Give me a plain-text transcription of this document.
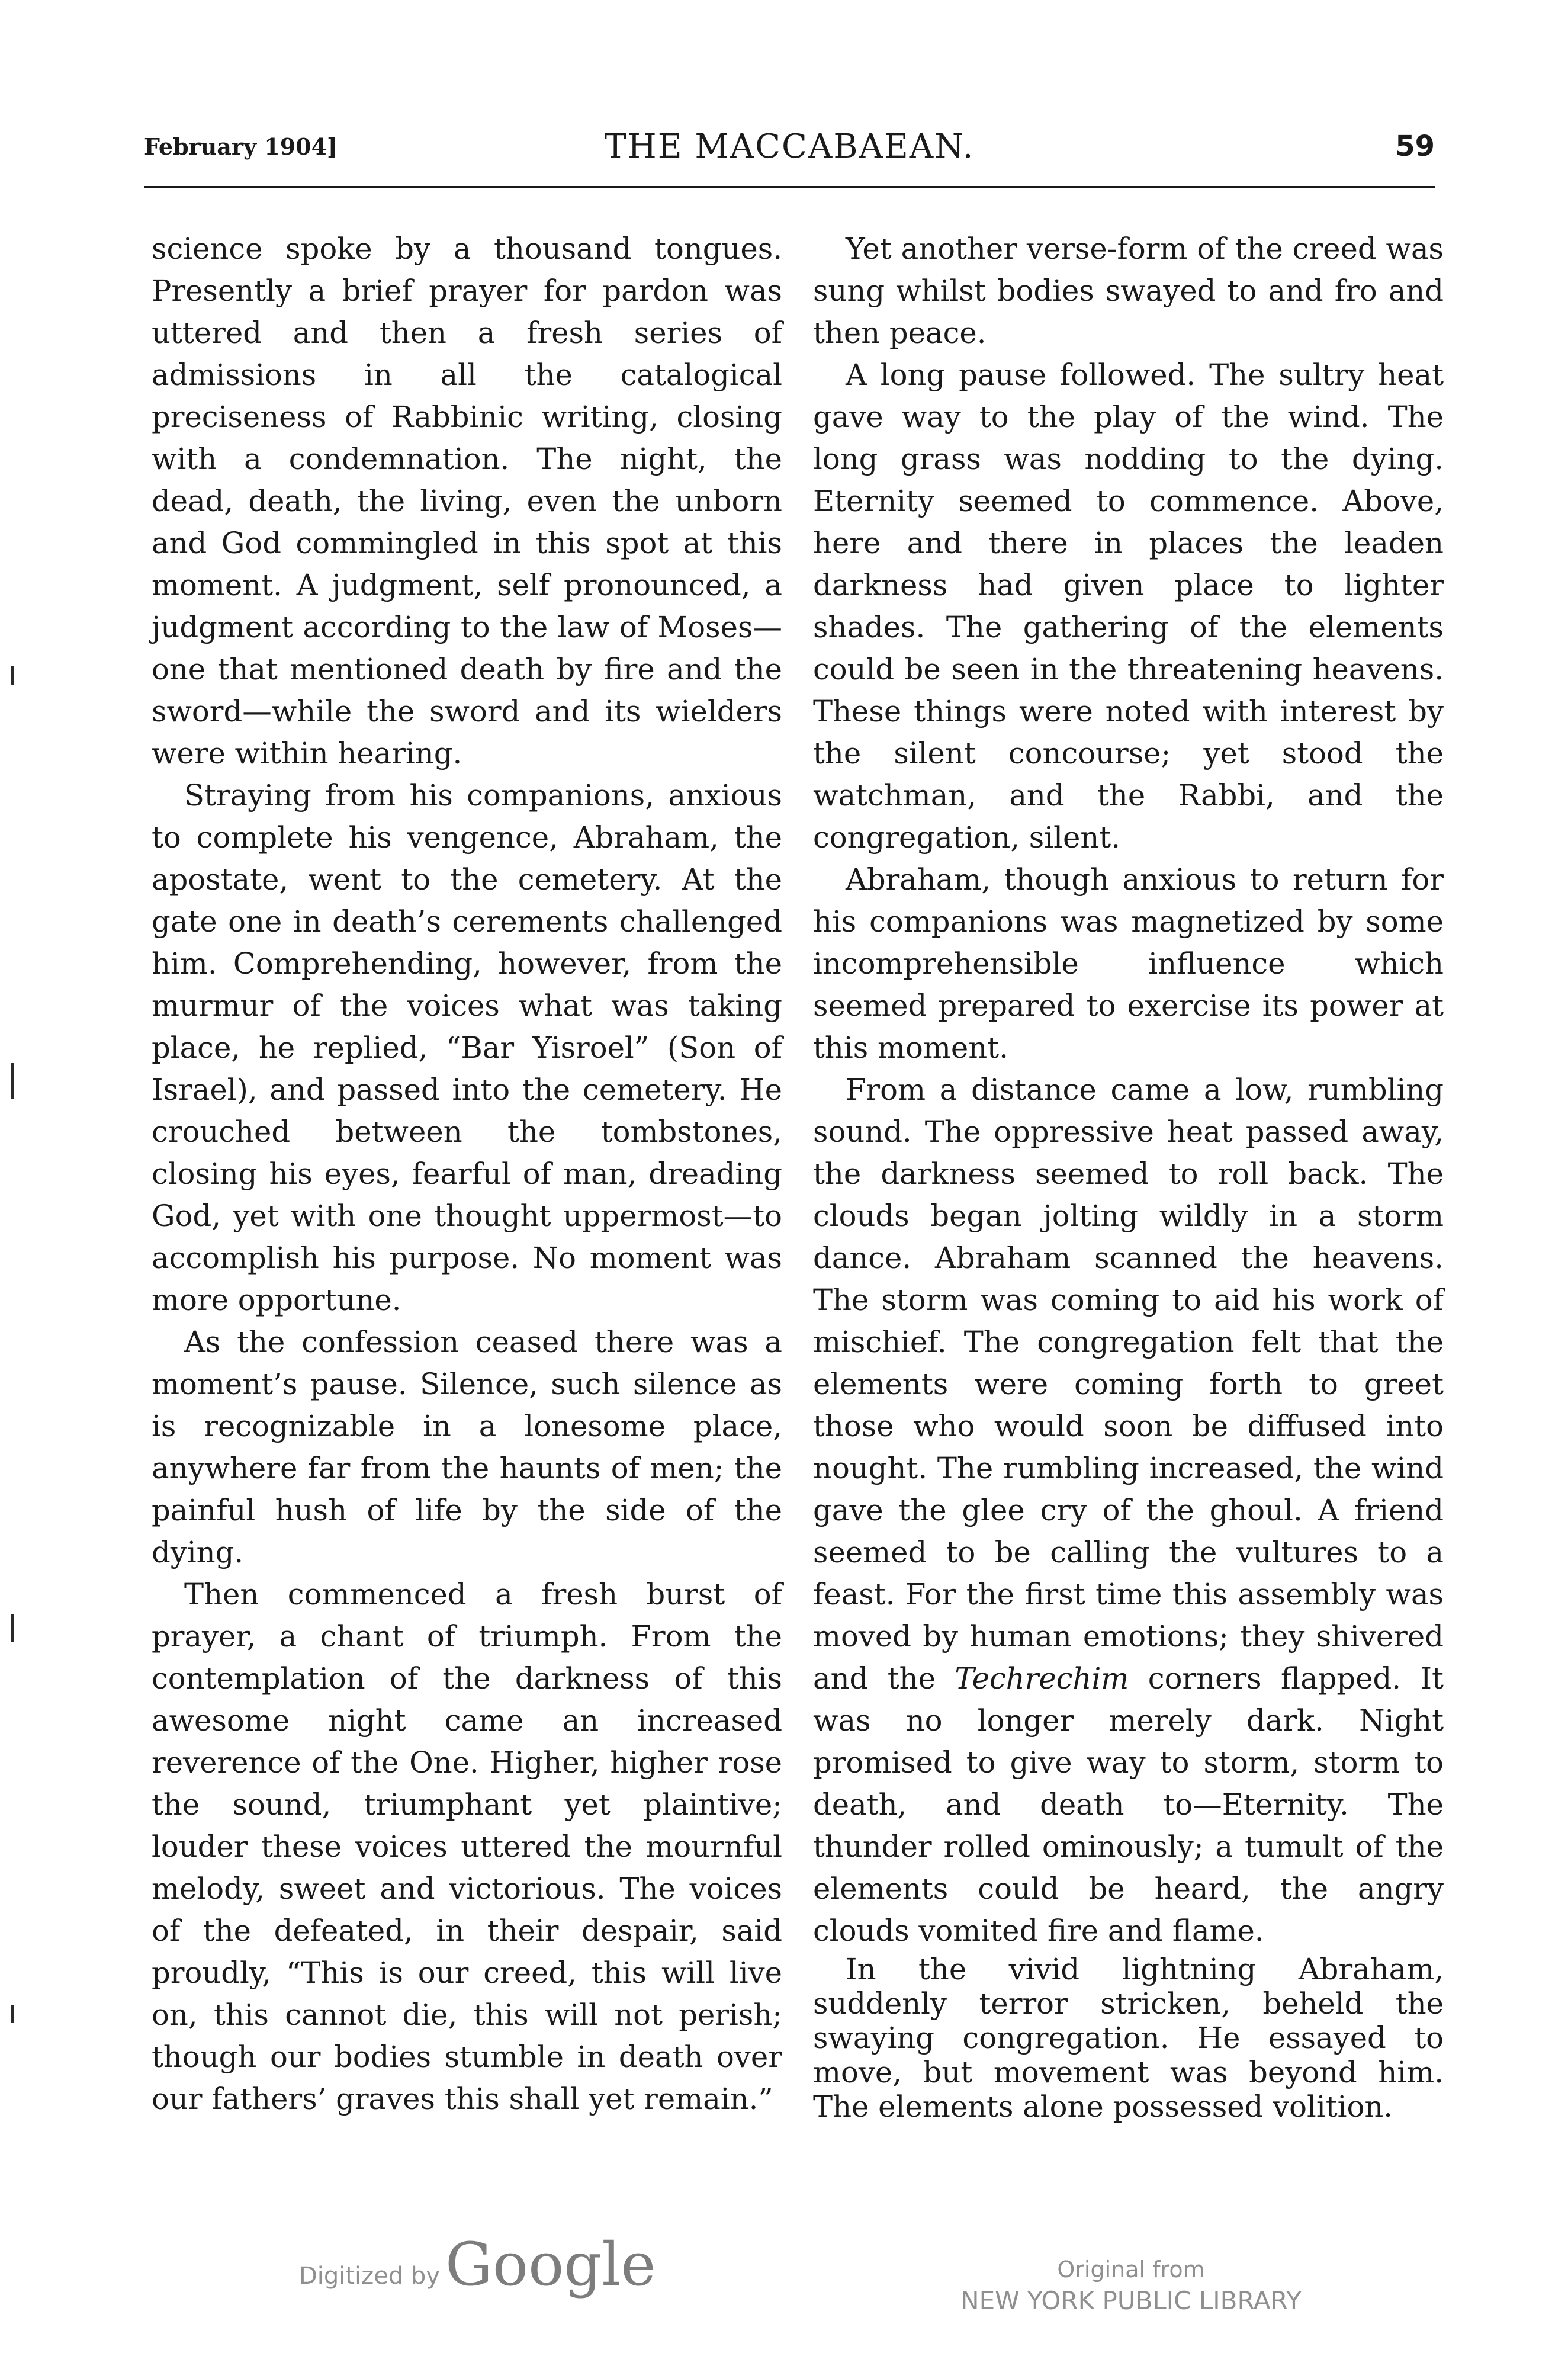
February 1904]	THE MACCABAEAN.	59

science spoke by a thousand tongues. Presently a brief prayer for pardon was uttered and then a fresh series of admissions in all the catalogical preciseness of Rabbinic writing, closing with a condemnation. The night, the dead, death, the living, even the unborn and God commingled in this spot at this moment. A judgment, self pronounced, a judgment according to the law of Moses—one that mentioned death by fire and the sword—while the sword and its wielders were within hearing.

Straying from his companions, anxious to complete his vengence, Abraham, the apostate, went to the cemetery. At the gate one in death’s cerements challenged him. Comprehending, however, from the murmur of the voices what was taking place, he replied, “Bar Yisroel” (Son of Israel), and passed into the cemetery. He crouched between the tombstones, closing his eyes, fearful of man, dreading God, yet with one thought uppermost—to accomplish his purpose. No moment was more opportune.

As the confession ceased there was a moment’s pause. Silence, such silence as is recognizable in a lonesome place, anywhere far from the haunts of men; the painful hush of life by the side of the dying.

Then commenced a fresh burst of prayer, a chant of triumph. From the contemplation of the darkness of this awesome night came an increased reverence of the One. Higher, higher rose the sound, triumphant yet plaintive; louder these voices uttered the mournful melody, sweet and victorious. The voices of the defeated, in their despair, said proudly, “This is our creed, this will live on, this cannot die, this will not perish; though our bodies stumble in death over our fathers’ graves this shall yet remain.”

Yet another verse-form of the creed was sung whilst bodies swayed to and fro and then peace.

A long pause followed. The sultry heat gave way to the play of the wind. The long grass was nodding to the dying. Eternity seemed to commence. Above, here and there in places the leaden darkness had given place to lighter shades. The gathering of the elements could be seen in the threatening heavens. These things were noted with interest by the silent concourse; yet stood the watchman, and the Rabbi, and the congregation, silent.

Abraham, though anxious to return for his companions was magnetized by some incomprehensible influence which seemed prepared to exercise its power at this moment.

From a distance came a low, rumbling sound. The oppressive heat passed away, the darkness seemed to roll back. The clouds began jolting wildly in a storm dance. Abraham scanned the heavens. The storm was coming to aid his work of mischief. The congregation felt that the elements were coming forth to greet those who would soon be diffused into nought. The rumbling increased, the wind gave the glee cry of the ghoul. A friend seemed to be calling the vultures to a feast. For the first time this assembly was moved by human emotions; they shivered and the Techrechim corners flapped. It was no longer merely dark. Night promised to give way to storm, storm to death, and death to—Eternity. The thunder rolled ominously; a tumult of the elements could be heard, the angry clouds vomited fire and flame.

In the vivid lightning Abraham, suddenly terror stricken, beheld the swaying congregation. He essayed to move, but movement was beyond him. The elements alone possessed volition.

Digitized by Google	Original from
NEW YORK PUBLIC LIBRARY
